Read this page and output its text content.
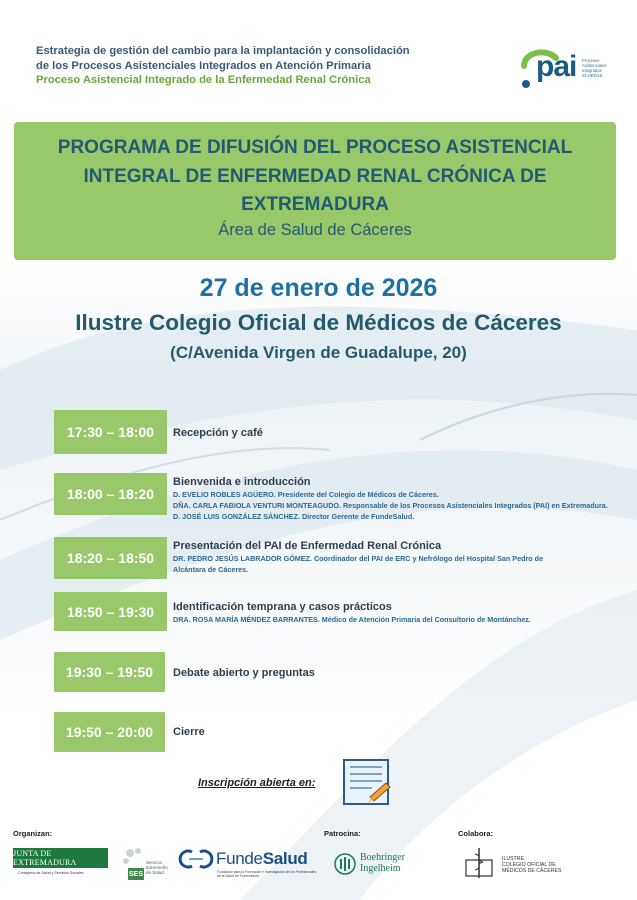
Estrategia de gestión del cambio para la implantación y consolidación
de los Procesos Asistenciales Integrados en Atención Primaria
Proceso Asistencial Integrado de la Enfermedad Renal Crónica	pai Procesos Asistenciales Integrados SCHEDAS
PROGRAMA DE DIFUSIÓN DEL PROCESO ASISTENCIAL INTEGRAL DE ENFERMEDAD RENAL CRÓNICA DE EXTREMADURA
Área de Salud de Cáceres
27 de enero de 2026
Ilustre Colegio Oficial de Médicos de Cáceres
(C/Avenida Virgen de Guadalupe, 20)
17:30 – 18:00	Recepción y café
18:00 – 18:20
Bienvenida e introducción
D. EVELIO ROBLES AGÜERO. Presidente del Colegio de Médicos de Cáceres.
DÑA. CARLA FABIOLA VENTURI MONTEAGUDO. Responsable de los Procesos Asistenciales Integrados (PAI) en Extremadura.
D. JOSÉ LUIS GONZÁLEZ SÁNCHEZ. Director Gerente de FundeSalud.
18:20 – 18:50
Presentación del PAI de Enfermedad Renal Crónica
DR. PEDRO JESÚS LABRADOR GÓMEZ. Coordinador del PAI de ERC y Nefrólogo del Hospital San Pedro de
Alcántara de Cáceres.
18:50 – 19:30	Identificación temprana y casos prácticos
DRA. ROSA MARÍA MÉNDEZ BARRANTES. Médico de Atención Primaria del Consultorio de Montánchez.
19:30 – 19:50	Debate abierto y preguntas
19:50 – 20:00	Cierre
Inscripción abierta en:
Organizan:	Patrocina:	Colabora:
JUNTA DE EXTREMADURA
Consejería de Salud y Servicios Sociales	SES
Servicio
Extremeño
de Salud
FundeSalud
Fundación para la Formación e Investigación de los Profesionales de la Salud de Extremadura
Boehringer
Ingelheim
ILUSTRE
COLEGIO OFICIAL DE
MÉDICOS DE CÁCERES
